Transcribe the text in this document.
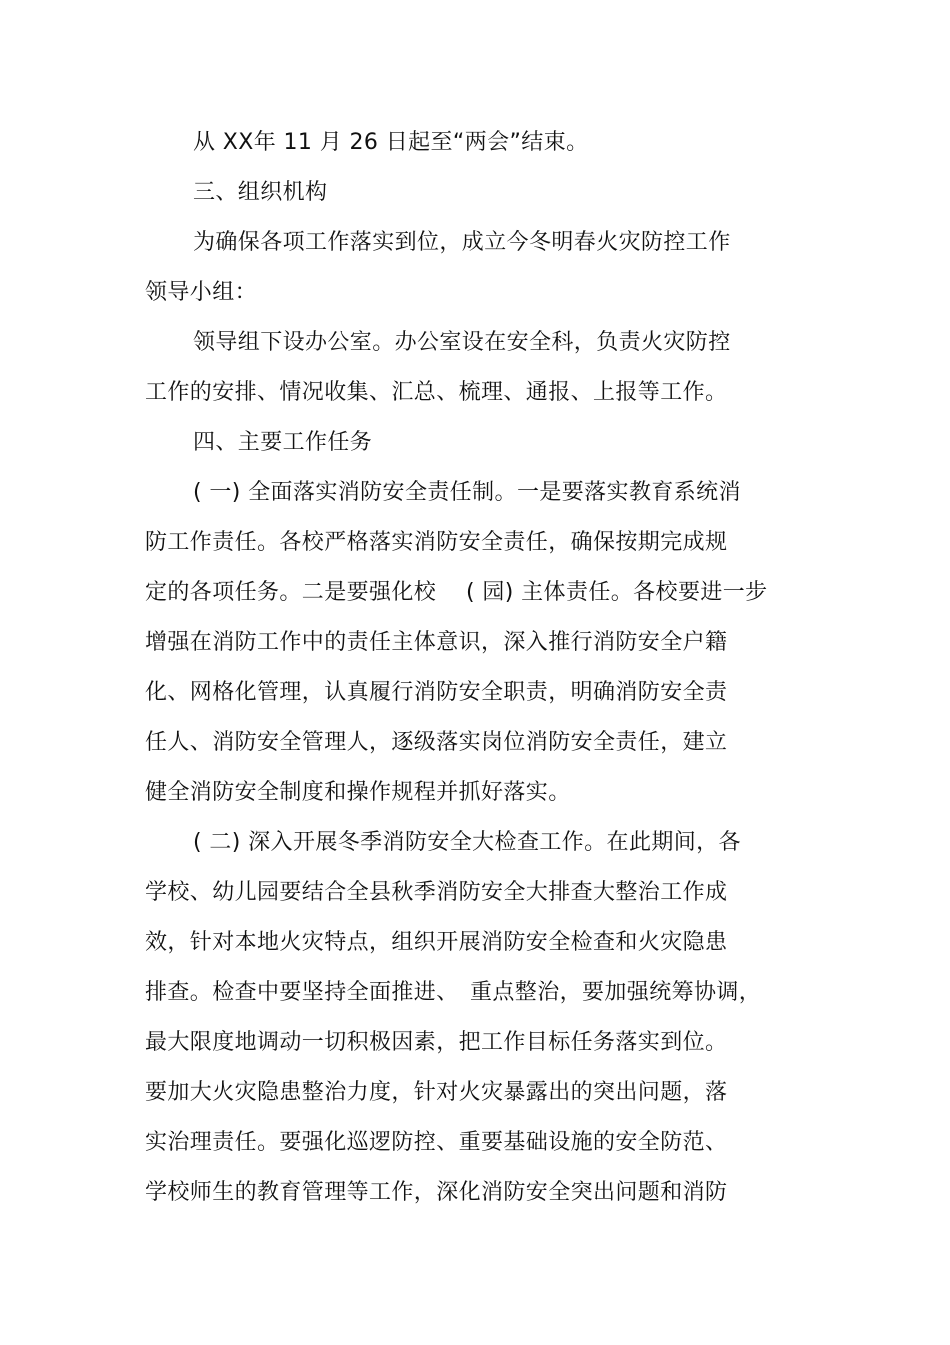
从 XX年 11 月 26 日起至“两会”结束。
三、组织机构
为确保各项工作落实到位，成立今冬明春火灾防控工作
领导小组：
领导组下设办公室。办公室设在安全科，负责火灾防控
工作的安排、情况收集、汇总、梳理、通报、上报等工作。
四、主要工作任务
( 一) 全面落实消防安全责任制。一是要落实教育系统消
防工作责任。各校严格落实消防安全责任，确保按期完成规
定的各项任务。二是要强化校　 ( 园) 主体责任。各校要进一步
增强在消防工作中的责任主体意识，深入推行消防安全户籍
化、网格化管理，认真履行消防安全职责，明确消防安全责
任人、消防安全管理人，逐级落实岗位消防安全责任，建立
健全消防安全制度和操作规程并抓好落实。
( 二) 深入开展冬季消防安全大检查工作。在此期间，各
学校、幼儿园要结合全县秋季消防安全大排查大整治工作成
效，针对本地火灾特点，组织开展消防安全检查和火灾隐患
排查。检查中要坚持全面推进、　重点整治，要加强统筹协调，
最大限度地调动一切积极因素，把工作目标任务落实到位。
要加大火灾隐患整治力度，针对火灾暴露出的突出问题，落
实治理责任。要强化巡逻防控、重要基础设施的安全防范、
学校师生的教育管理等工作，深化消防安全突出问题和消防
